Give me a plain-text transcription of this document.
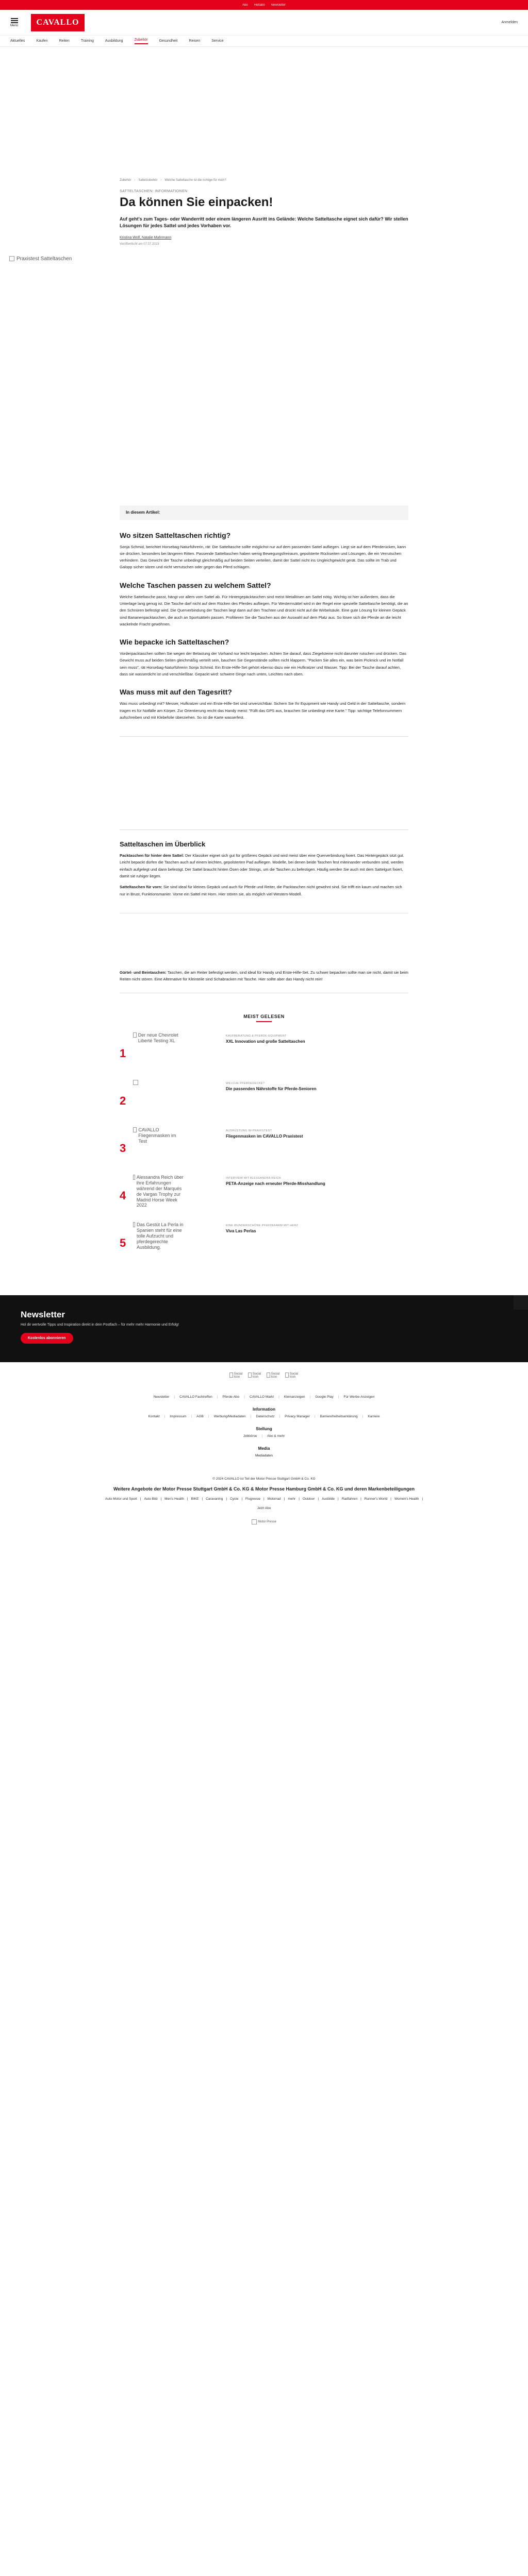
Abo Heftabo Newsletter
Menü	CAVALLO	Anmelden
Aktuelles	Kaufen	Reiten	Training	Ausbildung	Zubehör	Gesundheit	Reisen	Service
Zubehör › Sattelzubehör › Welche Satteltasche ist die richtige für mich?
SATTELTASCHEN: INFORMATIONEN
Da können Sie einpacken!

Auf geht's zum Tages- oder Wanderritt oder einem längeren Ausritt ins Gelände: Welche Satteltasche eignet sich dafür? Wir stellen Lösungen für jedes Sattel und jedes Vorhaben vor.

Kristina Wolf, Natalie Mahrmann
Veröffentlicht am 07.07.2023
Praxistest Satteltaschen
In diesem Artikel:
Wo sitzen Satteltaschen richtig?

Sonja Schmid, berichtet Horsebag-Naturführerin, rät: Die Satteltasche sollte möglichst nur auf dem passenden Sattel aufliegen. Liegt sie auf dem Pferderücken, kann sie drücken, besonders bei längeren Ritten. Passende Satteltaschen haben wenig Bewegungsfreiraum, gepolsterte Rückseiten und Lösungen, die ein Verrutschen verhindern. Das Gewicht der Tasche unbedingt gleichmäßig auf beiden Seiten verteilen, damit der Sattel nicht ins Ungleichgewicht gerät. Das sollte im Trab und Galopp sicher sitzen und nicht verrutschen oder gegen das Pferd schlagen.

Welche Taschen passen zu welchem Sattel?

Welche Satteltasche passt, hängt vor allem vom Sattel ab. Für Hintergepäcktaschen sind meist Metallösen am Sattel nötig. Wichtig ist hier außerdem, dass die Unterlage lang genug ist. Die Tasche darf nicht auf dem Rücken des Pferdes aufliegen. Für Westernsättel wird in der Regel eine spezielle Satteltasche benötigt, die an den Schnüren befestigt wird. Die Querverbindung der Taschen liegt dann auf den Trachten und drückt nicht auf die Wirbelsäule. Eine gute Lösung für kleinen Gepäck sind Bananenpacktaschen, die auch an Sportsätteln passen. Profitieren Sie die Taschen aus der Auswahl auf dem Platz aus. So lösen sich die Pferde an die leicht wackelnde Fracht gewöhnen.

Wie bepacke ich Satteltaschen?

Vorderpacktaschen sollten Sie wegen der Belastung der Vorhand nur leicht bepacken. Achten Sie darauf, dass Ziegelsteine nicht darunter rutschen und drücken. Das Gewicht muss auf beiden Seiten gleichmäßig verteilt sein, bauchen Sie Gegenstände sollten nicht klappern. "Packen Sie alles ein, was beim Picknick und im Notfall sein muss", rät Horsebag-Naturführerin Sonja Schmid. Ein Erste-Hilfe-Set gehört ebenso dazu wie ein Hufkratzer und Wasser. Tipp: Bei der Tasche darauf achten, dass sie wasserdicht ist und verschließbar. Gepackt wird: schwere Dinge nach unten, Leichtes nach oben.

Was muss mit auf den Tagesritt?

Was muss unbedingt mit? Messer, Hufkratzer und ein Erste-Hilfe-Set sind unverzichtbar. Sichern Sie Ihr Equipment wie Handy und Geld in der Satteltasche, sondern tragen es für Notfälle am Körper. Zur Orientierung reicht das Handy meist: "Füllt das GPS aus, brauchen Sie unbedingt eine Karte." Tipp: wichtige Telefonnummern aufschreiben und mit Klebefolie überziehen. So ist die Karte wasserfest.

Satteltaschen im Überblick

Packtaschen für hinter dem Sattel: Der Klassiker eignet sich gut für größeres Gepäck und wird meist über eine Querverbindung fixiert. Das Hintergepäck sitzt gut. Leicht bepackt dürfen die Taschen auch auf einem leichten, gepolsterten Pad aufliegen. Modelle, bei denen beide Taschen fest miteinander verbunden sind, werden einfach aufgelegt und dann befestigt. Der Sattel braucht hinten Ösen oder Strings, um die Taschen zu befestigen. Häufig werden Sie auch mit dem Sattelgurt fixiert, damit sie ruhiger liegen.

Satteltaschen für vorn: Sie sind ideal für kleines Gepäck und auch für Pferde und Reiter, die Packtaschen nicht gewohnt sind. Sie trifft ein kaum und machen sich nur in Brust, Funktionsmanier. Vorne ein Sattel mit Horn. Hier stören sie, als möglich viel Western-Modell.

Gürtel- und Beintaschen: Taschen, die am Reiter befestigt werden, sind ideal für Handy und Erste-Hilfe-Set. Zu schwer bepacken sollte man sie nicht, damit sie beim Reiten nicht stören. Eine Alternative für Kleinteile sind Schabracken mit Tasche. Hier sollte aber das Handy nicht rein!

MEIST GELESEN
1
Der neue Chevrolet Liberté Testing XL
KAUFBERATUNG & PFERDE-EQUIPMENT
XXL Innovation und große Satteltaschen
2
WELCHE PFERDEDECKE?
Die passenden Nährstoffe für Pferde-Senioren
3
CAVALLO Fliegenmasken im Test
AUSRÜSTUNG IM PRAXISTEST
Fliegenmasken im CAVALLO Praxistest
4
Alessandra Reich über ihre Erfahrungen während der Marqués de Vargas Trophy zur Madrid Horse Week 2022
INTERVIEW MIT ALESSANDRA REICH
PETA-Anzeige nach erneuter Pferde-Misshandlung
5
Das Gestüt La Perla in Spanien steht für eine tolle Aufzucht und pferdegerechte Ausbildung.
EINE WUNDERSCHÖNE PFERDEFARM MIT HERZ
Viva Las Perlas
Newsletter
Hol dir wertvolle Tipps und Inspiration direkt in dein Postfach – für mehr mehr Harmonie und Erfolg!
Kostenlos abonnieren
Social Icon
Social Icon
Social Icon
Social Icon
Newsletter | CAVALLO Fachtreffen | Pferde-Abo | CAVALLO Markt | Kleinanzeigen | Google Play | Für Werbe-Anzeigen
Information
Kontakt | Impressum | AGB | Werbung/Mediadaten | Datenschutz | Privacy Manager | Barrierefreiheitserklärung | Karriere
Stellung
Jobbörse | Abo & mehr
Media
Mediadaten
© 2024 CAVALLO ist Teil der Motor Presse Stuttgart GmbH & Co. KG
Weitere Angebote der Motor Presse Stuttgart GmbH & Co. KG & Motor Presse Hamburg GmbH & Co. KG und deren Markenbeteiligungen
Auto Motor und Sport | Auto Bild | Men's Health | BIKE | Caravaning | Cycle | Flugrevue | Motorrad | mehr | Outdoor | Ausbilde | Radfahren | Runner's World | Women's Health |
Jetzt Abo
Motor Presse
